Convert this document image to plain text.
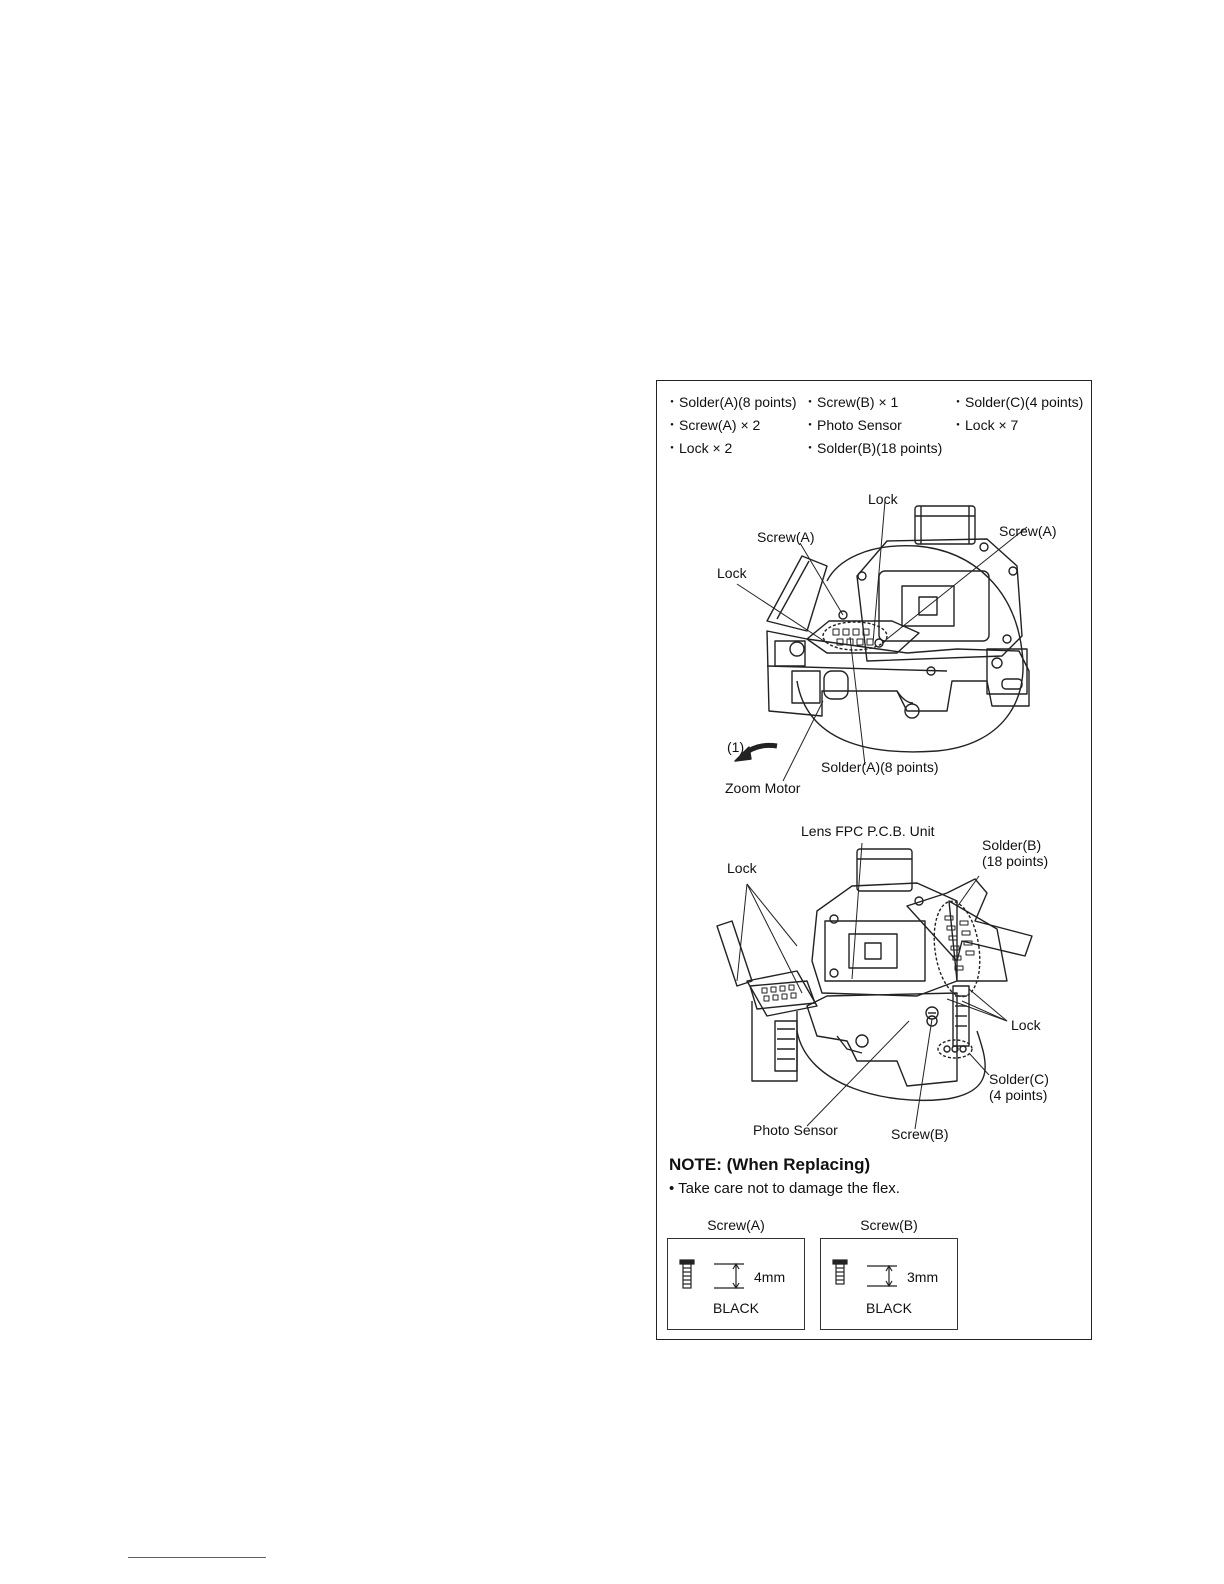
・Solder(A)(8 points)
・Screw(A) × 2
・Lock × 2
・Screw(B) × 1
・Photo Sensor
・Solder(B)(18 points)
・Solder(C)(4 points)
・Lock × 7
Lock
Screw(A)	Screw(A)
Lock
(1)
Solder(A)(8 points)
Zoom Motor
Lens FPC P.C.B. Unit
Solder(B)
(18 points)
Lock
Lock
Solder(C)
(4 points)
Photo Sensor	Screw(B)
NOTE: (When Replacing)
• Take care not to damage the flex.
Screw(A)
4mm
BLACK
Screw(B)
3mm
BLACK
